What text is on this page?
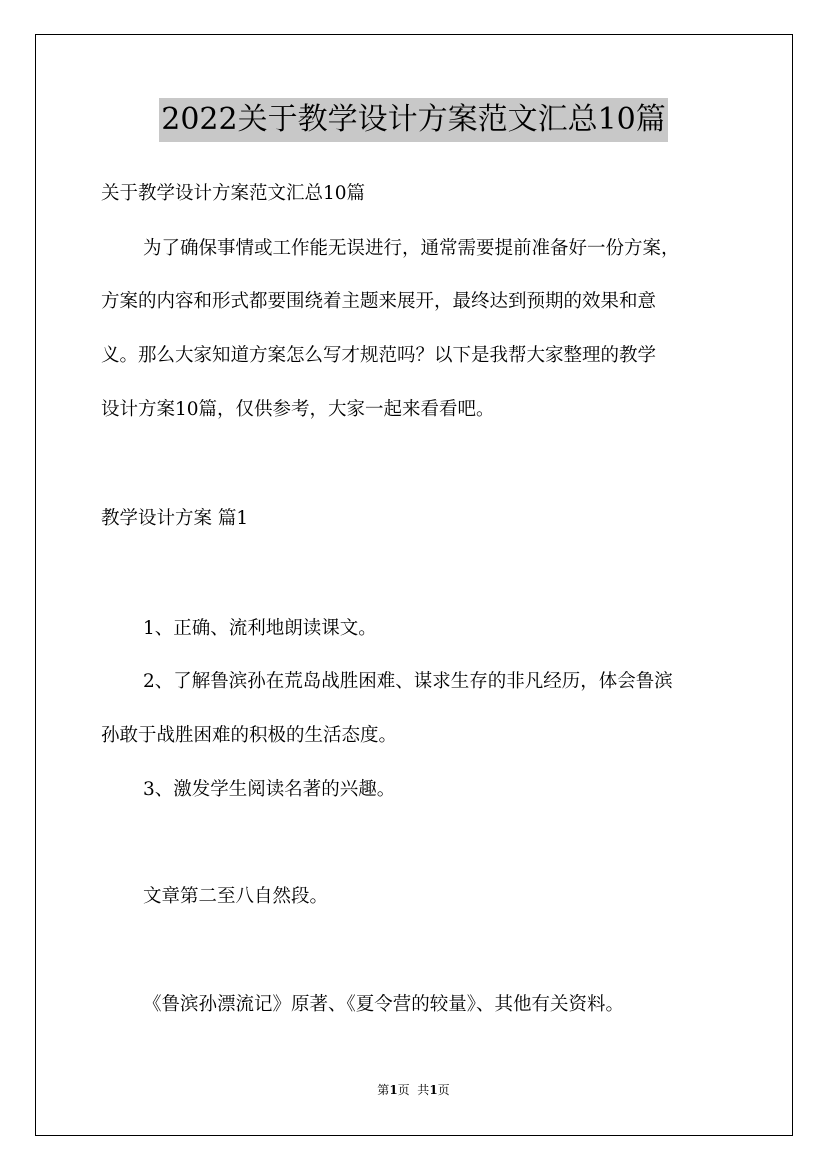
2022关于教学设计方案范文汇总10篇
关于教学设计方案范文汇总10篇
为了确保事情或工作能无误进行，通常需要提前准备好一份方案，
方案的内容和形式都要围绕着主题来展开，最终达到预期的效果和意
义。那么大家知道方案怎么写才规范吗？以下是我帮大家整理的教学
设计方案10篇，仅供参考，大家一起来看看吧。
教学设计方案 篇1
1、正确、流利地朗读课文。
2、了解鲁滨孙在荒岛战胜困难、谋求生存的非凡经历，体会鲁滨
孙敢于战胜困难的积极的生活态度。
3、激发学生阅读名著的兴趣。
文章第二至八自然段。
《鲁滨孙漂流记》原著、《夏令营的较量》、其他有关资料。
第1页  共1页
